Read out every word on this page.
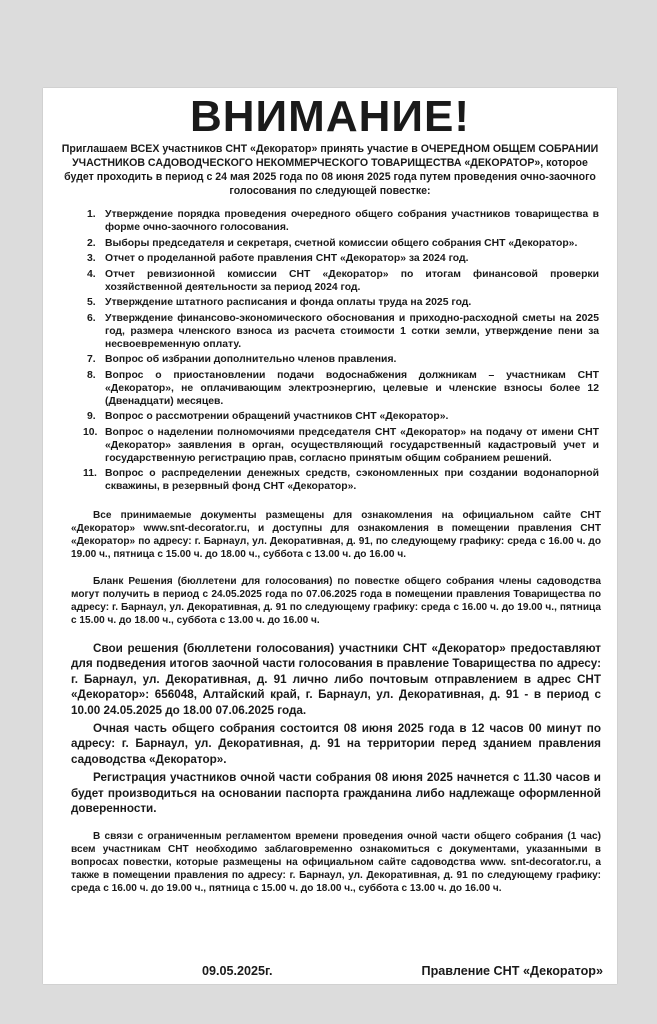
ВНИМАНИЕ!
Приглашаем ВСЕХ участников СНТ «Декоратор» принять участие в ОЧЕРЕДНОМ ОБЩЕМ СОБРАНИИ УЧАСТНИКОВ САДОВОДЧЕСКОГО НЕКОММЕРЧЕСКОГО ТОВАРИЩЕСТВА «ДЕКОРАТОР», которое будет проходить в период с 24 мая 2025 года по 08 июня 2025 года путем проведения очно-заочного голосования по следующей повестке:
1. Утверждение порядка проведения очередного общего собрания участников товарищества в форме очно-заочного голосования.
2. Выборы председателя и секретаря, счетной комиссии общего собрания СНТ «Декоратор».
3. Отчет о проделанной работе правления СНТ «Декоратор» за 2024 год.
4. Отчет ревизионной комиссии СНТ «Декоратор» по итогам финансовой проверки хозяйственной деятельности за период 2024 год.
5. Утверждение штатного расписания и фонда оплаты труда на 2025 год.
6. Утверждение финансово-экономического обоснования и приходно-расходной сметы на 2025 год, размера членского взноса из расчета стоимости 1 сотки земли, утверждение пени за несвоевременную оплату.
7. Вопрос об избрании дополнительно членов правления.
8. Вопрос о приостановлении подачи водоснабжения должникам – участникам СНТ «Декоратор», не оплачивающим электроэнергию, целевые и членские взносы более 12 (Двенадцати) месяцев.
9. Вопрос о рассмотрении обращений участников СНТ «Декоратор».
10. Вопрос о наделении полномочиями председателя СНТ «Декоратор» на подачу от имени СНТ «Декоратор» заявления в орган, осуществляющий государственный кадастровый учет и государственную регистрацию прав, согласно принятым общим собранием решений.
11. Вопрос о распределении денежных средств, сэкономленных при создании водонапорной скважины, в резервный фонд СНТ «Декоратор».

Все принимаемые документы размещены для ознакомления на официальном сайте СНТ «Декоратор» www.snt-decorator.ru, и доступны для ознакомления в помещении правления СНТ «Декоратор» по адресу: г. Барнаул, ул. Декоративная, д. 91, по следующему графику: среда с 16.00 ч. до 19.00 ч., пятница с 15.00 ч. до 18.00 ч., суббота с 13.00 ч. до 16.00 ч.

Бланк Решения (бюллетени для голосования) по повестке общего собрания члены садоводства могут получить в период с 24.05.2025 года по 07.06.2025 года в помещении правления Товарищества по адресу: г. Барнаул, ул. Декоративная, д. 91 по следующему графику: среда с 16.00 ч. до 19.00 ч., пятница с 15.00 ч. до 18.00 ч., суббота с 13.00 ч. до 16.00 ч.

Свои решения (бюллетени голосования) участники СНТ «Декоратор» предоставляют для подведения итогов заочной части голосования в правление Товарищества по адресу: г. Барнаул, ул. Декоративная, д. 91 лично либо почтовым отправлением в адрес СНТ «Декоратор»: 656048, Алтайский край, г. Барнаул, ул. Декоративная, д. 91 - в период с 10.00 24.05.2025 до 18.00 07.06.2025 года.

Очная часть общего собрания состоится 08 июня 2025 года в 12 часов 00 минут по адресу: г. Барнаул, ул. Декоративная, д. 91 на территории перед зданием правления садоводства «Декоратор».

Регистрация участников очной части собрания 08 июня 2025 начнется с 11.30 часов и будет производиться на основании паспорта гражданина либо надлежаще оформленной доверенности.

В связи с ограниченным регламентом времени проведения очной части общего собрания (1 час) всем участникам СНТ необходимо заблаговременно ознакомиться с документами, указанными в вопросах повестки, которые размещены на официальном сайте садоводства www. snt-decorator.ru, а также в помещении правления по адресу: г. Барнаул, ул. Декоративная, д. 91 по следующему графику: среда с 16.00 ч. до 19.00 ч., пятница с 15.00 ч. до 18.00 ч., суббота с 13.00 ч. до 16.00 ч.

09.05.2025г.	Правление СНТ «Декоратор»
